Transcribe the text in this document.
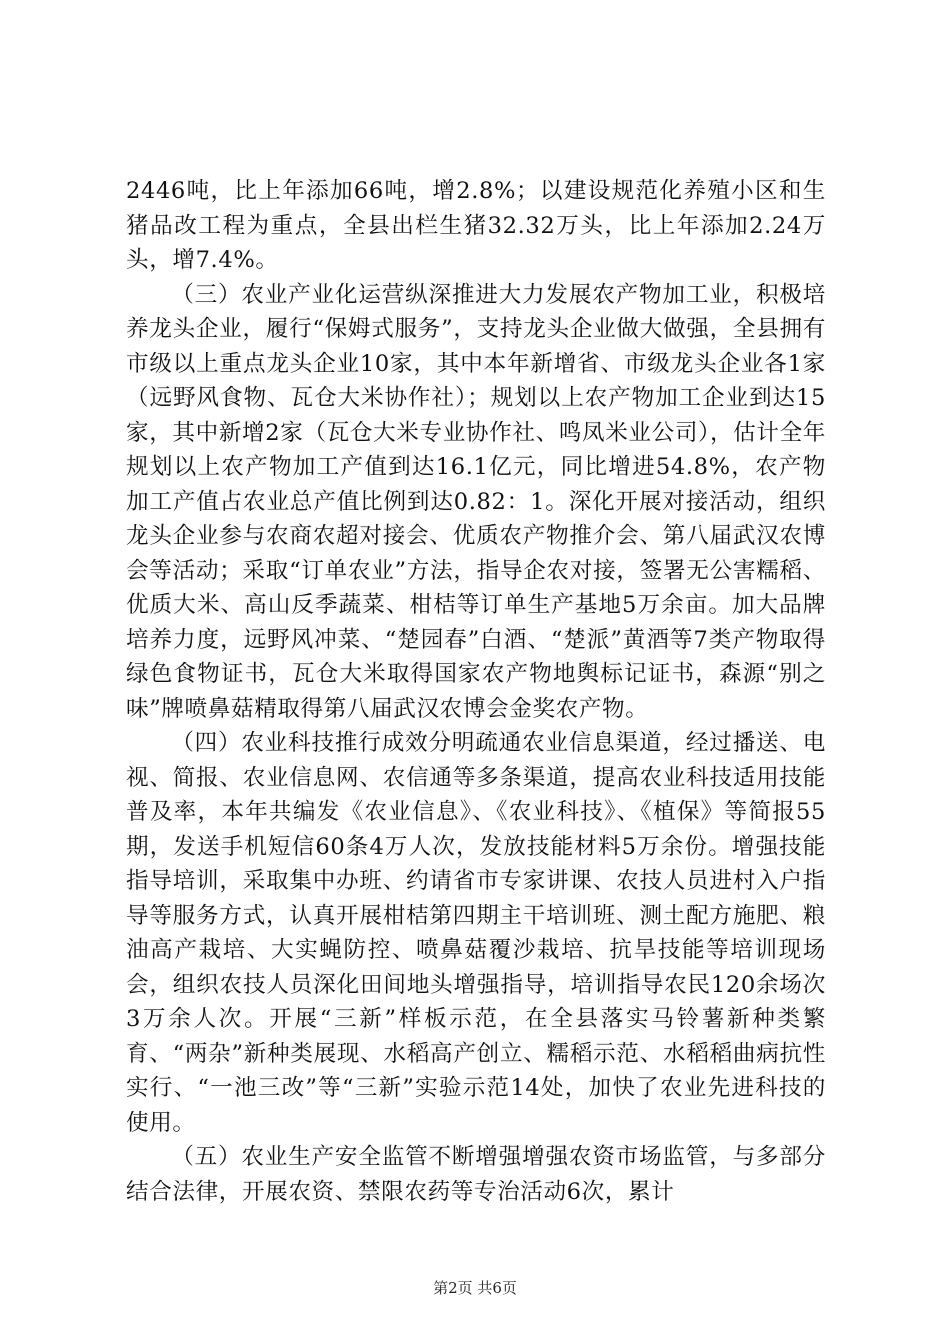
2446吨，比上年添加66吨，增2.8%；以建设规范化养殖小区和生猪品改工程为重点，全县出栏生猪32.32万头，比上年添加2.24万头，增7.4%。

（三）农业产业化运营纵深推进大力发展农产物加工业，积极培养龙头企业，履行“保姆式服务”，支持龙头企业做大做强，全县拥有市级以上重点龙头企业10家，其中本年新增省、市级龙头企业各1家（远野风食物、瓦仓大米协作社）；规划以上农产物加工企业到达15家，其中新增2家（瓦仓大米专业协作社、鸣凤米业公司），估计全年规划以上农产物加工产值到达16.1亿元，同比增进54.8%，农产物加工产值占农业总产值比例到达0.82：1。深化开展对接活动，组织龙头企业参与农商农超对接会、优质农产物推介会、第八届武汉农博会等活动；采取“订单农业”方法，指导企农对接，签署无公害糯稻、优质大米、高山反季蔬菜、柑桔等订单生产基地5万余亩。加大品牌培养力度，远野风冲菜、“楚园春”白酒、“楚派”黄酒等7类产物取得绿色食物证书，瓦仓大米取得国家农产物地舆标记证书，森源“别之味”牌喷鼻菇精取得第八届武汉农博会金奖农产物。

（四）农业科技推行成效分明疏通农业信息渠道，经过播送、电视、简报、农业信息网、农信通等多条渠道，提高农业科技适用技能普及率，本年共编发《农业信息》、《农业科技》、《植保》等简报55期，发送手机短信60条4万人次，发放技能材料5万余份。增强技能指导培训，采取集中办班、约请省市专家讲课、农技人员进村入户指导等服务方式，认真开展柑桔第四期主干培训班、测土配方施肥、粮油高产栽培、大实蝇防控、喷鼻菇覆沙栽培、抗旱技能等培训现场会，组织农技人员深化田间地头增强指导，培训指导农民120余场次3万余人次。开展“三新”样板示范，在全县落实马铃薯新种类繁育、“两杂”新种类展现、水稻高产创立、糯稻示范、水稻稻曲病抗性实行、“一池三改”等“三新”实验示范14处，加快了农业先进科技的使用。

（五）农业生产安全监管不断增强增强农资市场监管，与多部分结合法律，开展农资、禁限农药等专治活动6次，累计

第2页 共6页
